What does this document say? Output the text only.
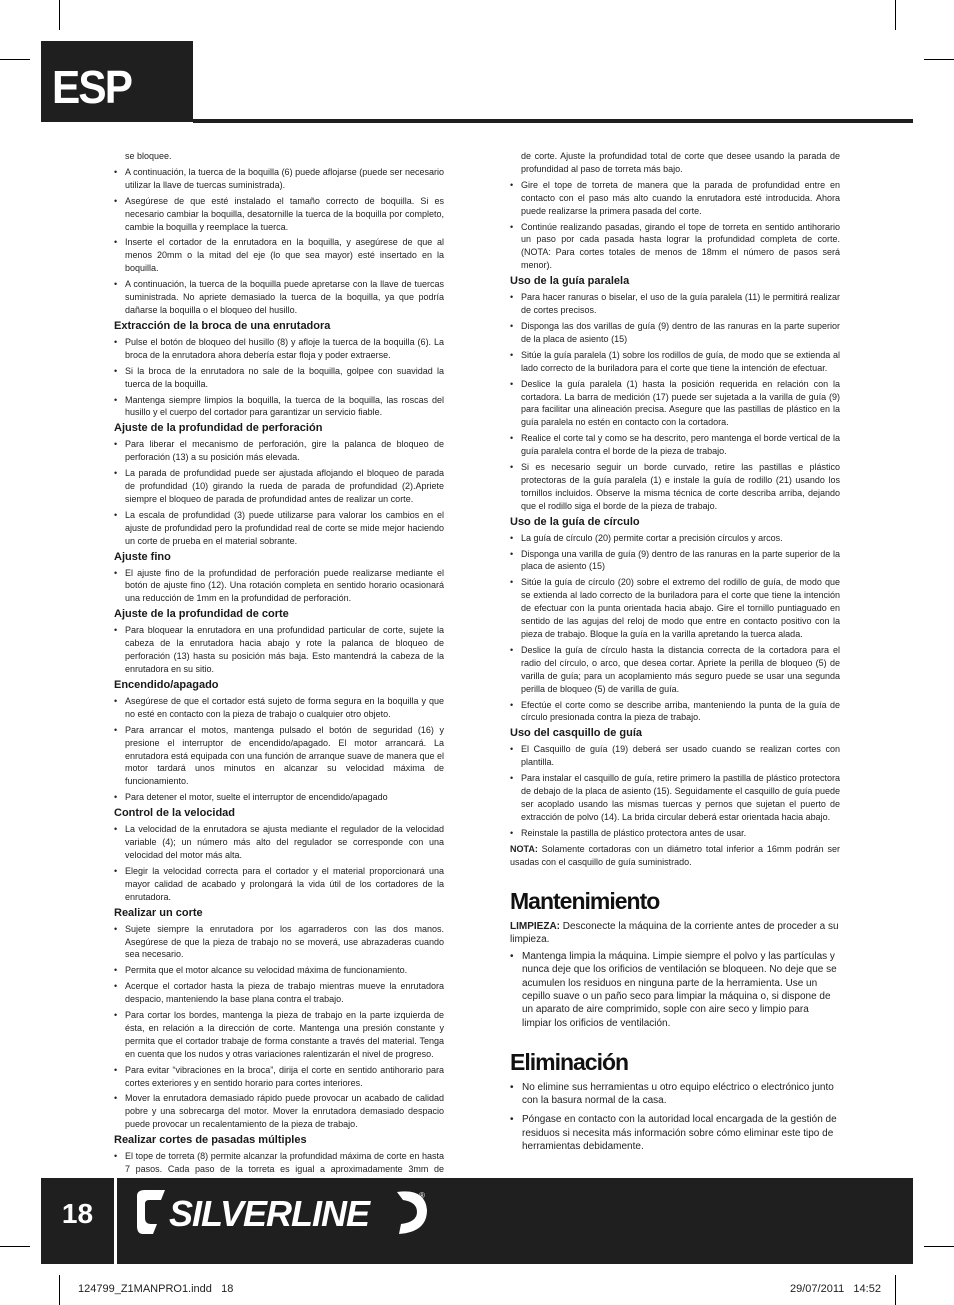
ESP

se bloquee.

• A continuación, la tuerca de la boquilla (6) puede aflojarse (puede ser necesario utilizar la llave de tuercas suministrada).
• Asegúrese de que esté instalado el tamaño correcto de boquilla. Si es necesario cambiar la boquilla, desatornille la tuerca de la boquilla por completo, cambie la boquilla y reemplace la tuerca.
• Inserte el cortador de la enrutadora en la boquilla, y asegúrese de que al menos 20mm o la mitad del eje (lo que sea mayor) esté insertado en la boquilla.
• A continuación, la tuerca de la boquilla puede apretarse con la llave de tuercas suministrada. No apriete demasiado la tuerca de la boquilla, ya que podría dañarse la boquilla o el bloqueo del husillo.
Extracción de la broca de una enrutadora
• Pulse el botón de bloqueo del husillo (8) y afloje la tuerca de la boquilla (6). La broca de la enrutadora ahora debería estar floja y poder extraerse.
• Si la broca de la enrutadora no sale de la boquilla, golpee con suavidad la tuerca de la boquilla.
• Mantenga siempre limpios la boquilla, la tuerca de la boquilla, las roscas del husillo y el cuerpo del cortador para garantizar un servicio fiable.
Ajuste de la profundidad de perforación
• Para liberar el mecanismo de perforación, gire la palanca de bloqueo de perforación (13) a su posición más elevada.
• La parada de profundidad puede ser ajustada aflojando el bloqueo de parada de profundidad (10) girando la rueda de parada de profundidad (2).Apriete siempre el bloqueo de parada de profundidad antes de realizar un corte.
• La escala de profundidad (3) puede utilizarse para valorar los cambios en el ajuste de profundidad pero la profundidad real de corte se mide mejor haciendo un corte de prueba en el material sobrante.
Ajuste fino
• El ajuste fino de la profundidad de perforación puede realizarse mediante el botón de ajuste fino (12). Una rotación completa en sentido horario ocasionará una reducción de 1mm en la profundidad de perforación.
Ajuste de la profundidad de corte
• Para bloquear la enrutadora en una profundidad particular de corte, sujete la cabeza de la enrutadora hacia abajo y rote la palanca de bloqueo de perforación (13) hasta su posición más baja. Esto mantendrá la cabeza de la enrutadora en su sitio.
Encendido/apagado
• Asegúrese de que el cortador está sujeto de forma segura en la boquilla y que no esté en contacto con la pieza de trabajo o cualquier otro objeto.
• Para arrancar el motos, mantenga pulsado el botón de seguridad (16) y presione el interruptor de encendido/apagado. El motor arrancará. La enrutadora está equipada con una función de arranque suave de manera que el motor tardará unos minutos en alcanzar su velocidad máxima de funcionamiento.
• Para detener el motor, suelte el interruptor de encendido/apagado
Control de la velocidad
• La velocidad de la enrutadora se ajusta mediante el regulador de la velocidad variable (4); un número más alto del regulador se corresponde con una velocidad del motor más alta.
• Elegir la velocidad correcta para el cortador y el material proporcionará una mayor calidad de acabado y prolongará la vida útil de los cortadores de la enrutadora.
Realizar un corte
• Sujete siempre la enrutadora por los agarraderos con las dos manos. Asegúrese de que la pieza de trabajo no se moverá, use abrazaderas cuando sea necesario.
• Permita que el motor alcance su velocidad máxima de funcionamiento.
• Acerque el cortador hasta la pieza de trabajo mientras mueve la enrutadora despacio, manteniendo la base plana contra el trabajo.
• Para cortar los bordes, mantenga la pieza de trabajo en la parte izquierda de ésta, en relación a la dirección de corte. Mantenga una presión constante y permita que el cortador trabaje de forma constante a través del material. Tenga en cuenta que los nudos y otras variaciones ralentizarán el nivel de progreso.
• Para evitar “vibraciones en la broca”, dirija el corte en sentido antihorario para cortes exteriores y en sentido horario para cortes interiores.
• Mover la enrutadora demasiado rápido puede provocar un acabado de calidad pobre y una sobrecarga del motor. Mover la enrutadora demasiado despacio puede provocar un recalentamiento de la pieza de trabajo.
Realizar cortes de pasadas múltiples
• El tope de torreta (8) permite alcanzar la profundidad máxima de corte en hasta 7 pasos. Cada paso de la torreta es igual a aproximadamente 3mm de

de corte. Ajuste la profundidad total de corte que desee usando la parada de profundidad al paso de torreta más bajo.

• Gire el tope de torreta de manera que la parada de profundidad entre en contacto con el paso más alto cuando la enrutadora esté introducida. Ahora puede realizarse la primera pasada del corte.
• Continúe realizando pasadas, girando el tope de torreta en sentido antihorario un paso por cada pasada hasta lograr la profundidad completa de corte. (NOTA: Para cortes totales de menos de 18mm el número de pasos será menor).
Uso de la guía paralela
• Para hacer ranuras o biselar, el uso de la guía paralela (11) le permitirá realizar de cortes precisos.
• Disponga las dos varillas de guía (9) dentro de las ranuras en la parte superior de la placa de asiento (15)
• Sitúe la guía paralela (1) sobre los rodillos de guía, de modo que se extienda al lado correcto de la buriladora para el corte que tiene la intención de efectuar.
• Deslice la guía paralela (1) hasta la posición requerida en relación con la cortadora. La barra de medición (17) puede ser sujetada a la varilla de guía (9) para facilitar una alineación precisa. Asegure que las pastillas de plástico en la guía paralela no estén en contacto con la cortadora.
• Realice el corte tal y como se ha descrito, pero mantenga el borde vertical de la guía paralela contra el borde de la pieza de trabajo.
• Si es necesario seguir un borde curvado, retire las pastillas e plástico protectoras de la guía paralela (1) e instale la guía de rodillo (21) usando los tornillos incluidos. Observe la misma técnica de corte describa arriba, dejando que el rodillo siga el borde de la pieza de trabajo.
Uso de la guía de círculo
• La guía de círculo (20) permite cortar a precisión círculos y arcos.
• Disponga una varilla de guía (9) dentro de las ranuras en la parte superior de la placa de asiento (15)
• Sitúe la guía de círculo (20) sobre el extremo del rodillo de guía, de modo que se extienda al lado correcto de la buriladora para el corte que tiene la intención de efectuar con la punta orientada hacia abajo. Gire el tornillo puntiaguado en sentido de las agujas del reloj de modo que entre en contacto positivo con la pieza de trabajo. Bloque la guía en la varilla apretando la tuerca alada.
• Deslice la guía de círculo hasta la distancia correcta de la cortadora para el radio del círculo, o arco, que desea cortar. Apriete la perilla de bloqueo (5) de varilla de guía; para un acoplamiento más seguro puede se usar una segunda perilla de bloqueo (5) de varilla de guía.
• Efectúe el corte como se describe arriba, manteniendo la punta de la guía de círculo presionada contra la pieza de trabajo.
Uso del casquillo de guía
• El Casquillo de guía (19) deberá ser usado cuando se realizan cortes con plantilla.
• Para instalar el casquillo de guía, retire primero la pastilla de plástico protectora de debajo de la placa de asiento (15). Seguidamente el casquillo de guía puede ser acoplado usando las mismas tuercas y pernos que sujetan el puerto de extracción de polvo (14). La brida circular deberá estar orientada hacia abajo.
• Reinstale la pastilla de plástico protectora antes de usar.

NOTA: Solamente cortadoras con un diámetro total inferior a 16mm podrán ser usadas con el casquillo de guía suministrado.

Mantenimiento

LIMPIEZA: Desconecte la máquina de la corriente antes de proceder a su limpieza.

• Mantenga limpia la máquina. Limpie siempre el polvo y las partículas y nunca deje que los orificios de ventilación se bloqueen. No deje que se acumulen los residuos en ninguna parte de la herramienta. Use un cepillo suave o un paño seco para limpiar la máquina o, si dispone de un aparato de aire comprimido, sople con aire seco y limpio para limpiar los orificios de ventilación.
Eliminación
• No elimine sus herramientas u otro equipo eléctrico o electrónico junto con la basura normal de la casa.
• Póngase en contacto con la autoridad local encargada de la gestión de residuos si necesita más información sobre cómo eliminar este tipo de herramientas debidamente.
18	SILVERLINE	®
124799_Z1MANPRO1.indd   18	29/07/2011   14:52
